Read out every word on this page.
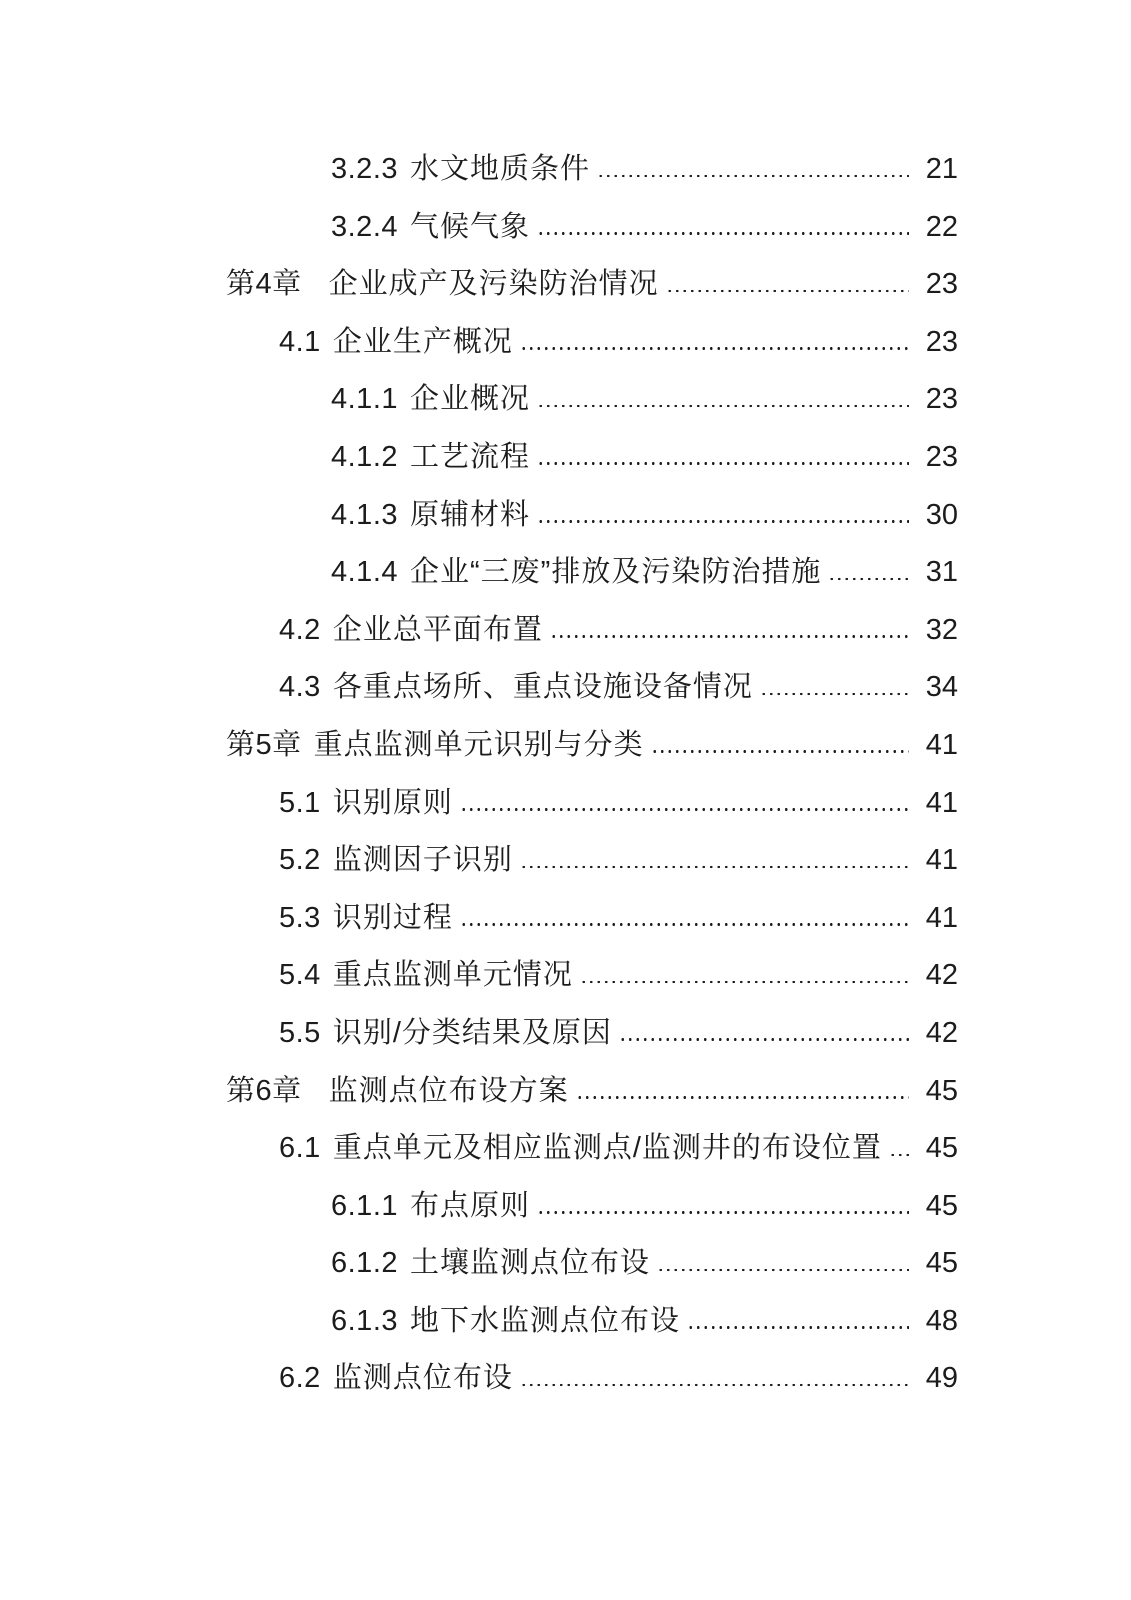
3.2.3 水文地质条件	21
3.2.4 气候气象	22
第4章 企业成产及污染防治情况	23
4.1 企业生产概况	23
4.1.1 企业概况	23
4.1.2 工艺流程	23
4.1.3 原辅材料	30
4.1.4 企业“三废”排放及污染防治措施	31
4.2 企业总平面布置	32
4.3 各重点场所、重点设施设备情况	34
第5章 重点监测单元识别与分类	41
5.1 识别原则	41
5.2 监测因子识别	41
5.3 识别过程	41
5.4 重点监测单元情况	42
5.5 识别/分类结果及原因	42
第6章 监测点位布设方案	45
6.1 重点单元及相应监测点/监测井的布设位置	45
6.1.1 布点原则	45
6.1.2 土壤监测点位布设	45
6.1.3 地下水监测点位布设	48
6.2 监测点位布设	49
